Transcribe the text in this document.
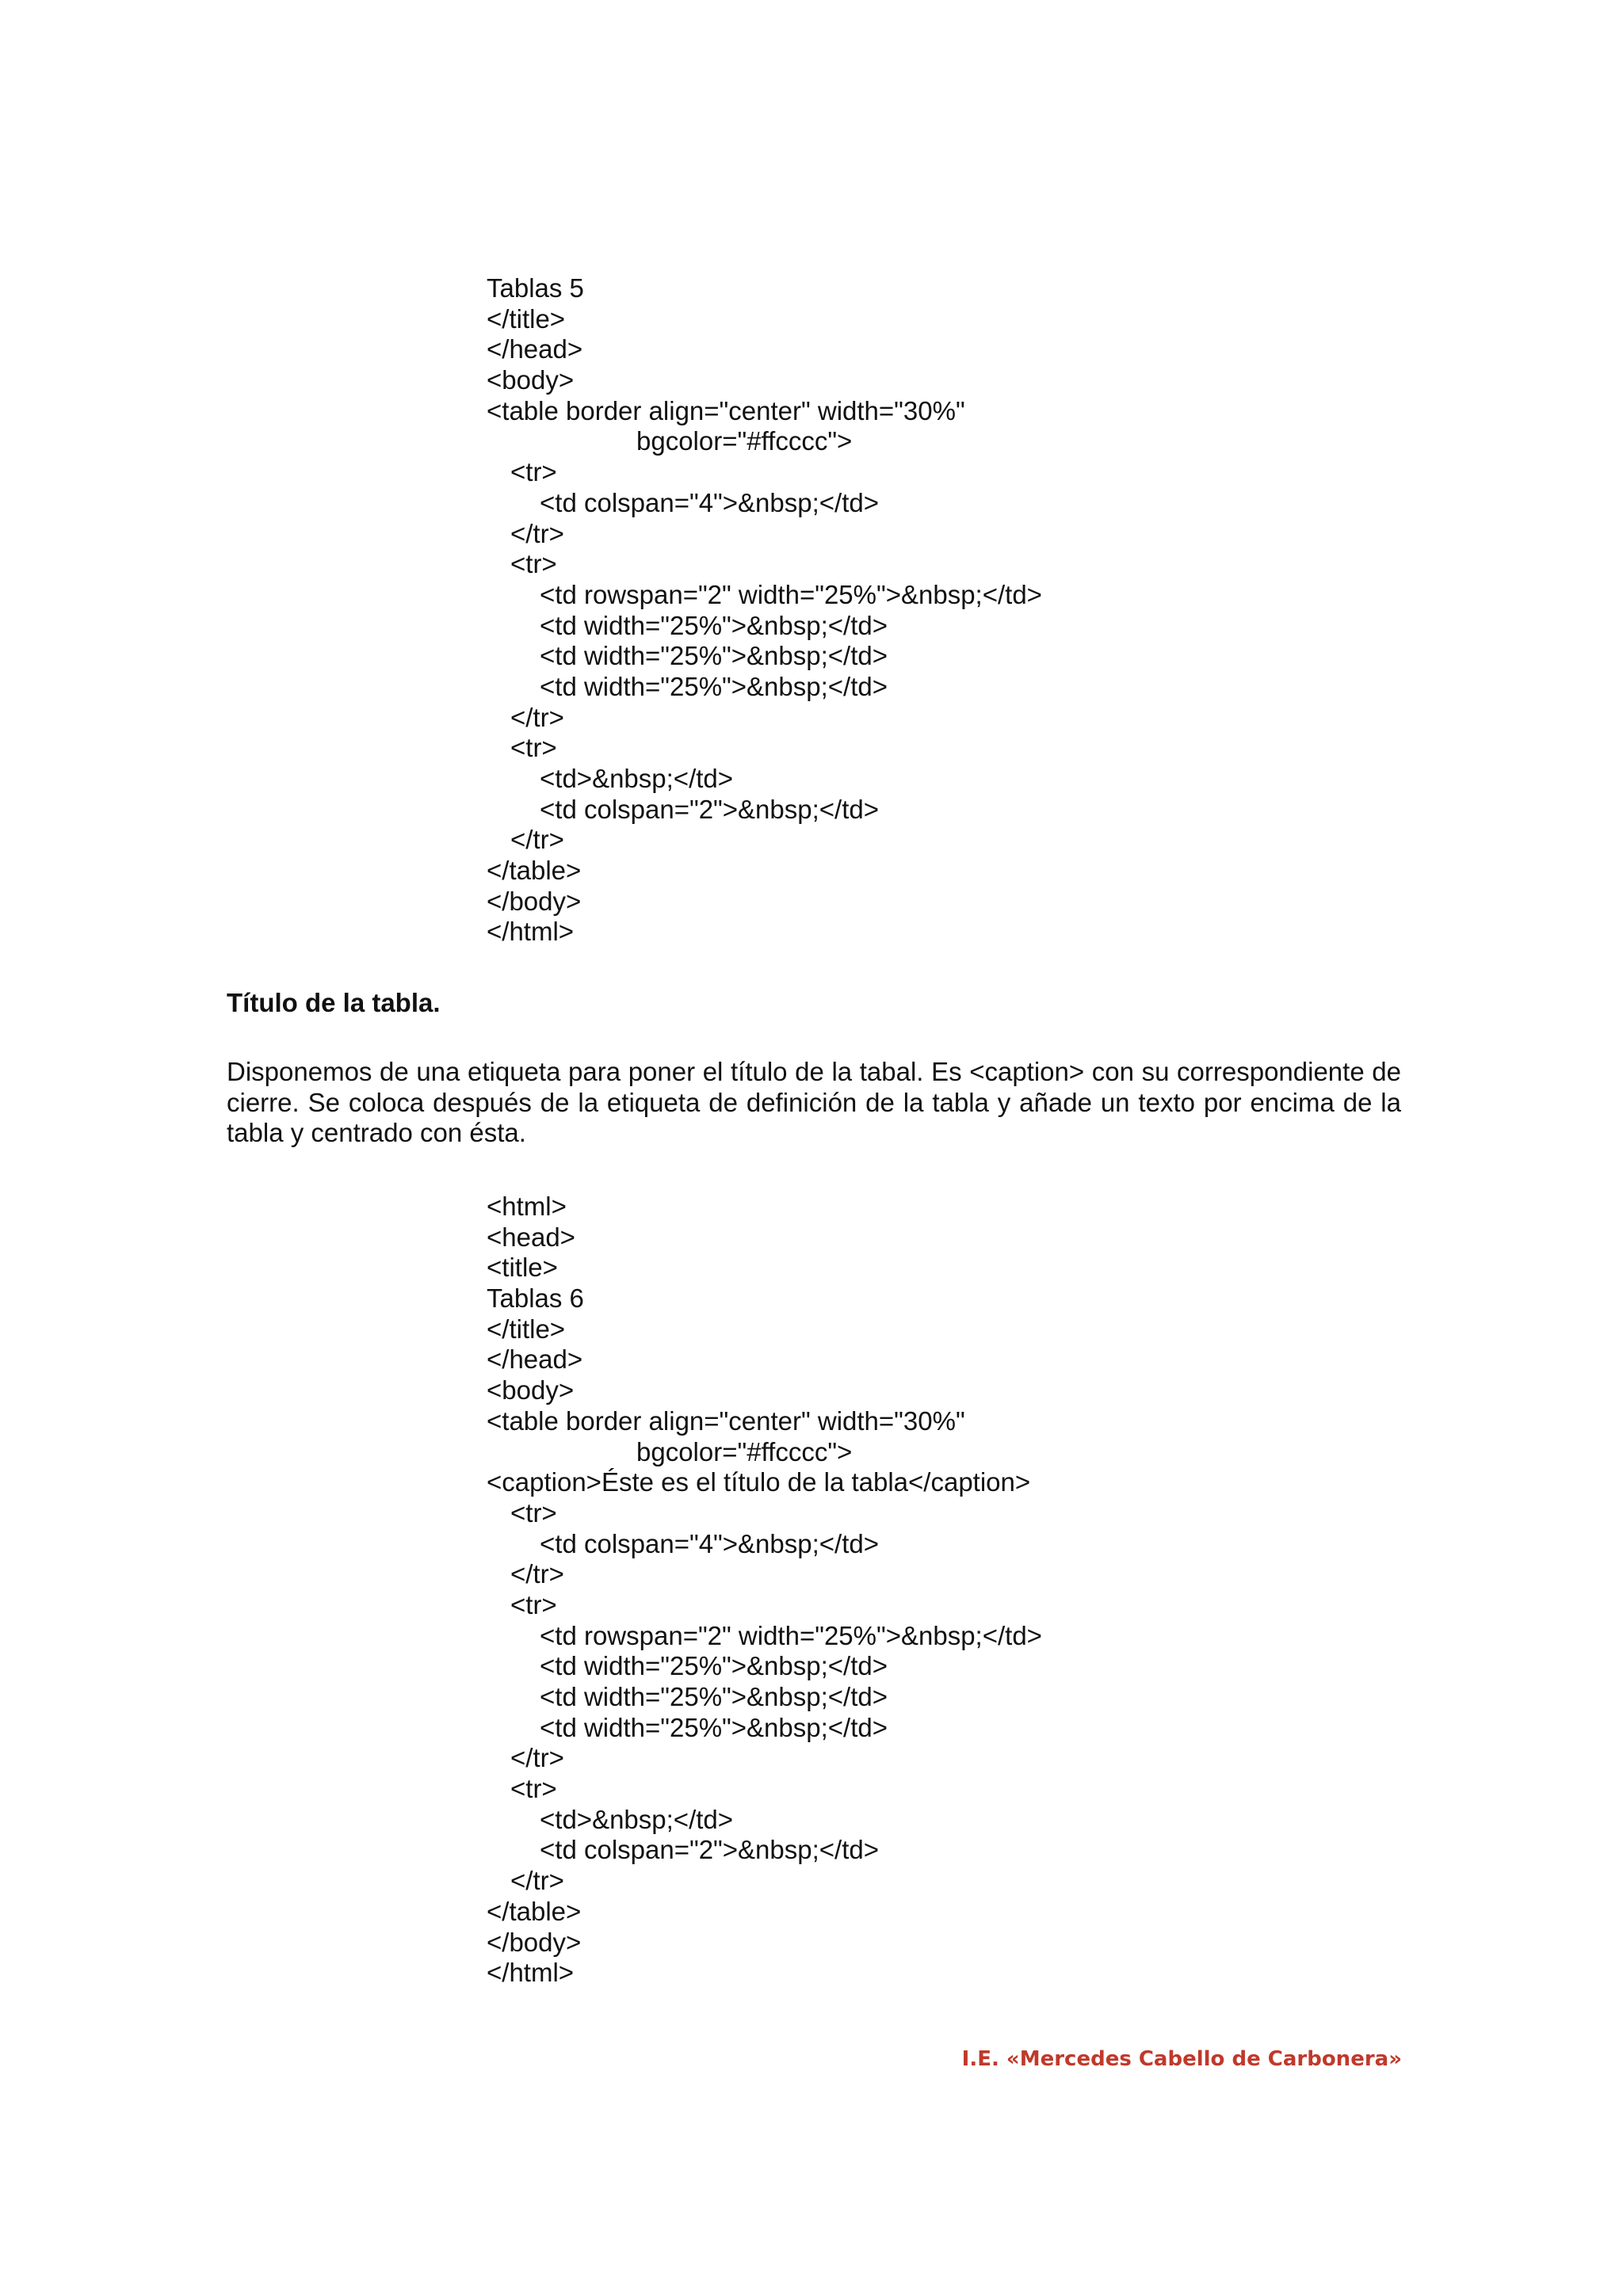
Tablas 5
</title>
</head>
<body>
<table border align="center" width="30%"
bgcolor="#ffcccc">
<tr>
<td colspan="4">&nbsp;</td>
</tr>
<tr>
<td rowspan="2" width="25%">&nbsp;</td>
<td width="25%">&nbsp;</td>
<td width="25%">&nbsp;</td>
<td width="25%">&nbsp;</td>
</tr>
<tr>
<td>&nbsp;</td>
<td colspan="2">&nbsp;</td>
</tr>
</table>
</body>
</html>
Título de la tabla.

Disponemos de una etiqueta para poner el título de la tabal. Es <caption> con su correspondiente de cierre. Se coloca después de la etiqueta de definición de la tabla y añade un texto por encima de la tabla y centrado con ésta.

<html>
<head>
<title>
Tablas 6
</title>
</head>
<body>
<table border align="center" width="30%"
bgcolor="#ffcccc">
<caption>Éste es el título de la tabla</caption>
<tr>
<td colspan="4">&nbsp;</td>
</tr>
<tr>
<td rowspan="2" width="25%">&nbsp;</td>
<td width="25%">&nbsp;</td>
<td width="25%">&nbsp;</td>
<td width="25%">&nbsp;</td>
</tr>
<tr>
<td>&nbsp;</td>
<td colspan="2">&nbsp;</td>
</tr>
</table>
</body>
</html>
I.E. «Mercedes Cabello de Carbonera»
